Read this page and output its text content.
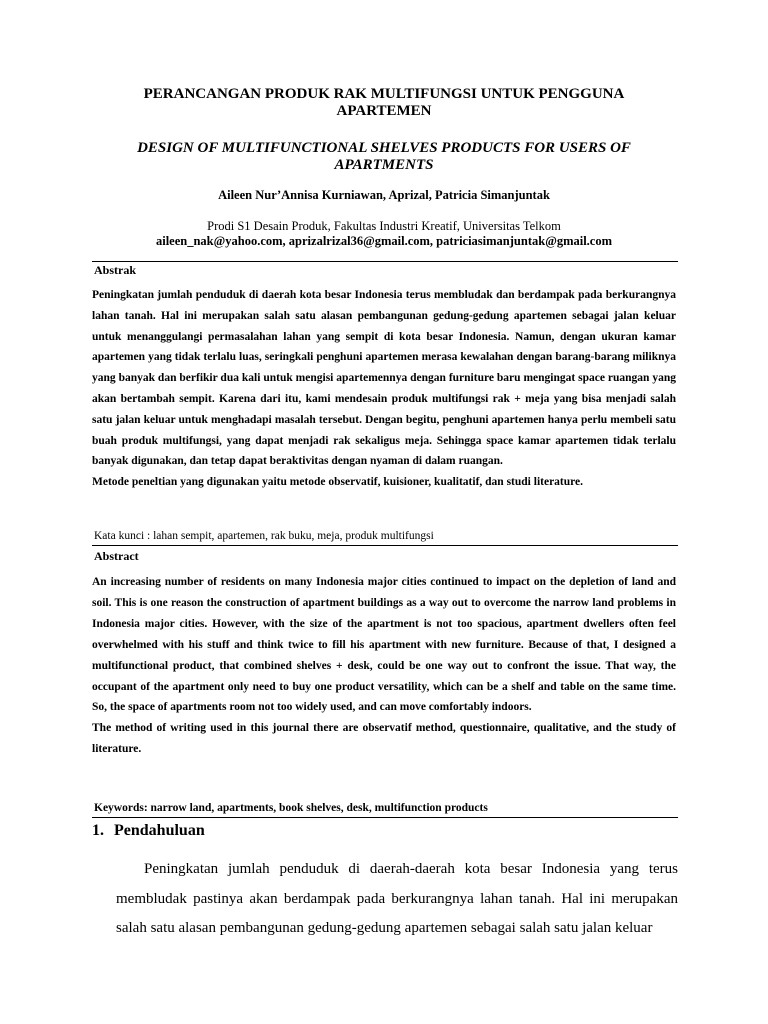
PERANCANGAN PRODUK RAK MULTIFUNGSI UNTUK PENGGUNA APARTEMEN
DESIGN OF MULTIFUNCTIONAL SHELVES PRODUCTS FOR USERS OF APARTMENTS
Aileen Nur’Annisa Kurniawan, Aprizal, Patricia Simanjuntak
Prodi S1 Desain Produk, Fakultas Industri Kreatif, Universitas Telkom
aileen_nak@yahoo.com, aprizalrizal36@gmail.com, patriciasimanjuntak@gmail.com
Abstrak

Peningkatan jumlah penduduk di daerah kota besar Indonesia terus membludak dan berdampak pada berkurangnya lahan tanah. Hal ini merupakan salah satu alasan pembangunan gedung-gedung apartemen sebagai jalan keluar untuk menanggulangi permasalahan lahan yang sempit di kota besar Indonesia. Namun, dengan ukuran kamar apartemen yang tidak terlalu luas, seringkali penghuni apartemen merasa kewalahan dengan barang-barang miliknya yang banyak dan berfikir dua kali untuk mengisi apartemennya dengan furniture baru mengingat space ruangan yang akan bertambah sempit. Karena dari itu, kami mendesain produk multifungsi rak + meja yang bisa menjadi salah satu jalan keluar untuk menghadapi masalah tersebut. Dengan begitu, penghuni apartemen hanya perlu membeli satu buah produk multifungsi, yang dapat menjadi rak sekaligus meja. Sehingga space kamar apartemen tidak terlalu banyak digunakan, dan tetap dapat beraktivitas dengan nyaman di dalam ruangan.

Metode peneltian yang digunakan yaitu metode observatif, kuisioner, kualitatif, dan studi literature.

Kata kunci : lahan sempit, apartemen, rak buku, meja, produk multifungsi
Abstract

An increasing number of residents on many Indonesia major cities continued to impact on the depletion of land and soil. This is one reason the construction of apartment buildings as a way out to overcome the narrow land problems in Indonesia major cities. However, with the size of the apartment is not too spacious, apartment dwellers often feel overwhelmed with his stuff and think twice to fill his apartment with new furniture. Because of that, I designed a multifunctional product, that combined shelves + desk, could be one way out to confront the issue. That way, the occupant of the apartment only need to buy one product versatility, which can be a shelf and table on the same time. So, the space of apartments room not too widely used, and can move comfortably indoors.

The method of writing used in this journal there are observatif method, questionnaire, qualitative, and the study of literature.

Keywords: narrow land, apartments, book shelves, desk, multifunction products
1. Pendahuluan

Peningkatan jumlah penduduk di daerah-daerah kota besar Indonesia yang terus membludak pastinya akan berdampak pada berkurangnya lahan tanah. Hal ini merupakan salah satu alasan pembangunan gedung-gedung apartemen sebagai salah satu jalan keluar
